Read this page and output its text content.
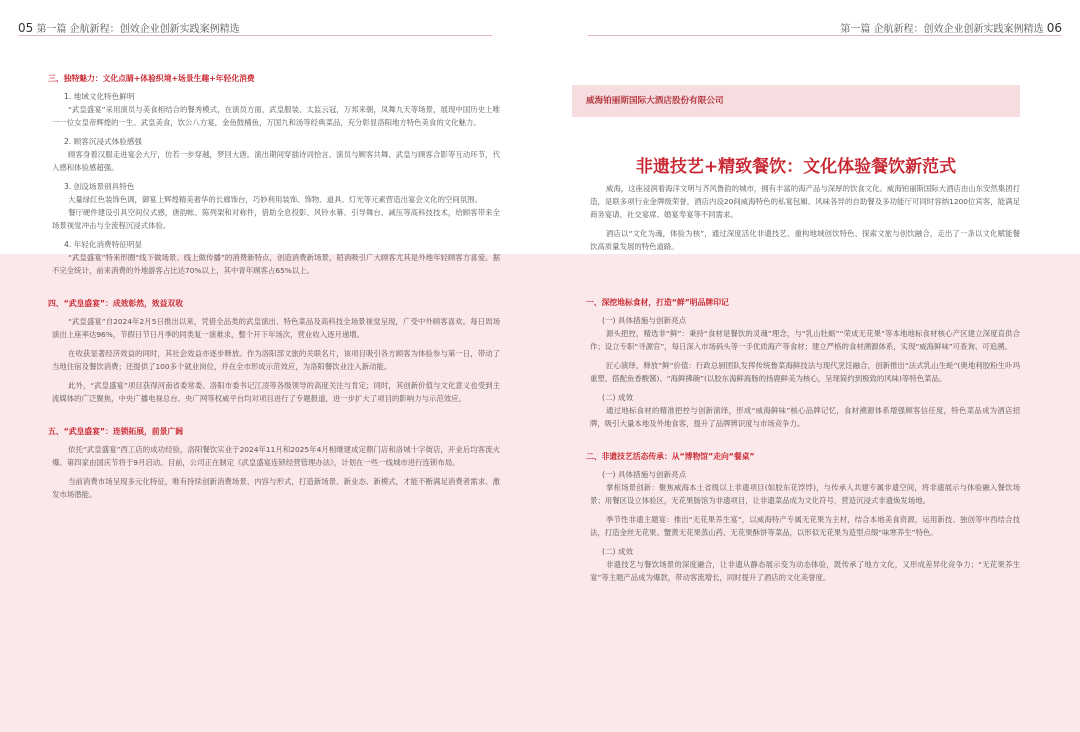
05 第一篇 企航新程：创效企业创新实践案例精选
三、独特魅力：文化点睛+体验织境+场景生趣+年轻化消费
1. 地域文化特色鲜明
“武皇盛宴”采用演员与美食相结合的餐秀模式，在演员方面，武皇服装、太监云冠，万邦来朝，凤舞九天等场景，展现中国历史上唯一一位女皇帝辉煌的一生。武皇美食，饮公八方宴，金鱼鼓桶鱼，万国九和汤等经典菜品，充分彰显洛阳地方特色美食的文化魅力。
2. 顾客沉浸式体验感强
顾客身着汉服走进宴会大厅，仿若一步穿越，梦回大唐。演出期间穿插诗词拾言、演员与顾客共舞、武皇与顾客合影等互动环节，代入感和体验感超强。
3. 创设场景别具特色
大量绿红色装饰色调，御宴上辉煌精美奢华的长廊饰台，巧妙利用装饰、饰物、道具、灯光等元素营造出宴会文化的空间氛围。
餐厅硬件建设引具空间仪式感，唐韵帐、陈列架和对称件，借助全息投影、风铃水幕、引导舞台、减压等高科技技术，给顾客带来全场景视觉冲击与全流程沉浸式体验。
4. 年轻化消费特征明显
“武皇盛宴”特来形圈“线下做场景、线上做传播”的消费新特点，创造消费新场景，陌消吸引广大顾客尤其是外地年轻顾客方喜爱。据不完全统计，前来消费的外地游客占比达70%以上，其中青年顾客占65%以上。
四、“武皇盛宴”：成效彰然，效益双收
“武皇盛宴”自2024年2月5日推出以来，凭借全品类的武皇演出、特色菜品及高科技全场景视觉呈现，广受中外顾客喜欢。每日周场演出上座率达96%，节假日节日月季的同类复一演难求，整个开下年场次，营业收入逐月递增。
在收获显著经济效益的同时，其社会效益亦逐步释放。作为洛阳部文旅的关联名片，该项目吸引各方顾客为体验参与第一日，带动了当地住宿及餐饮消费；还提供了100多个就业岗位，并在全市形成示范效应，为洛阳餐饮业注入新动能。
此外，“武皇盛宴”项目获得河南省委常委、洛阳市委书记江凌等各级领导的高度关注与肯定；同时，其创新价值与文化意义也受到主流媒体的广泛聚焦，中央广播电视总台、央广网等权威平台均对项目进行了专题报道，进一步扩大了项目的影响力与示范效应。
五、“武皇盛宴”：连锁拓展，前景广阔
依托“武皇盛宴”西工店的成功经验，洛阳餐饮实业于2024年11月和2025年4月相继建成定鼎门店和洛城十字街店，开业后均客流火爆。第四家由国庆节将于9月启动。目前，公司正在制定《武皇盛宴连锁经营管理办法》，计划在一些一线城市进行连锁布局。
当前消费市场呈现多元化特征，唯有持续创新消费场景、内容与形式，打造新场景、新业态、新模式，才能不断满足消费者需求、激发市场潜能。
第一篇 企航新程：创效企业创新实践案例精选 06
威海铂丽斯国际大酒店股份有限公司
非遗技艺+精致餐饮：文化体验餐饮新范式
威海，这座浸润着海洋文明与齐风鲁韵的城市，拥有丰富的海产品与深厚的饮食文化。威海铂丽斯国际大酒店由山东安然集团打造，是联多项行业金牌级荣誉，酒店内设20间威海特色的私宴包厢、风味各异的自助餐及多功能厅可同时容纳1200位宾客，能满足商务宴请、社交宴席、婚宴寿宴等不同需求。
酒店以“文化为魂，体验为核”，通过深度活化非遗技艺、重构地域创饮特色、探索文旅与创饮融合，走出了一条以文化赋能餐饮高质量发展的特色道路。
一、深挖地标食材，打造“鲜”明品牌印记
(一) 具体措施与创新亮点
源头把控，精选非“鲜”：秉持“食材是餐饮的灵魂”理念，与“乳山牡蛎”“荣成无花果”等本地地标食材核心产区建立深度直供合作；设立专职“寻源官”，每日深入市场码头等一手优质海产等食材；建立严格的食材溯源体系，实现“威海鲜味”可查询、可追溯。
匠心演绎，释放“鲜”价值：行政总厨团队发挥传统鲁菜海鲜技法与现代烹饪融合，创新推出“法式乳山生蚝”(奥地利胶粉生卟玛重塑、搭配鱼香酸酱)、“海鲜拂碗”(以胶东海鲜海肠的扬鹿鲜美为核心，呈现简约到极致的风味)等特色菜品。
(二) 成效
通过地标食材的精准把控与创新演绎，形成“威海鲜味”核心品牌记忆，食材溯源体系增强顾客信任度，特色菜品成为酒店招牌，吸引大量本地及外地食客，提升了品牌辨识度与市场竞争力。
二、非遗技艺活态传承：从“博物馆”走向“餐桌”
(一) 具体措施与创新亮点
掌柜场景创新：聚焦威海本土省级以上非遗项目(如胶东花饽饽)，与传承人共建专属非遗空间，将非遗展示与体验融入餐饮场景；用餐区设立体验区，无花果肠馆为非遗项目，让非遗菜品成为文化符号，营造沉浸式非遗焕发场地。
季节性非遗主题宴：推出“无花果养生宴”，以威海特产专属无花果为主材，结合本地美食资源，运用新技、独创等中西结合技法，打造金丝无花果、蟹黄无花果蒸山药、无花果酥饼等菜品，以形似无花果为造型点缀“味寒养生”特色。
(二) 成效
非遗技艺与餐饮场景的深度融合，让非遗从静态展示变为动态体验，既传承了地方文化，又形成差异化竞争力；“无花果养生宴”等主题产品成为爆款，带动客流增长，同时提升了酒店的文化美誉度。
